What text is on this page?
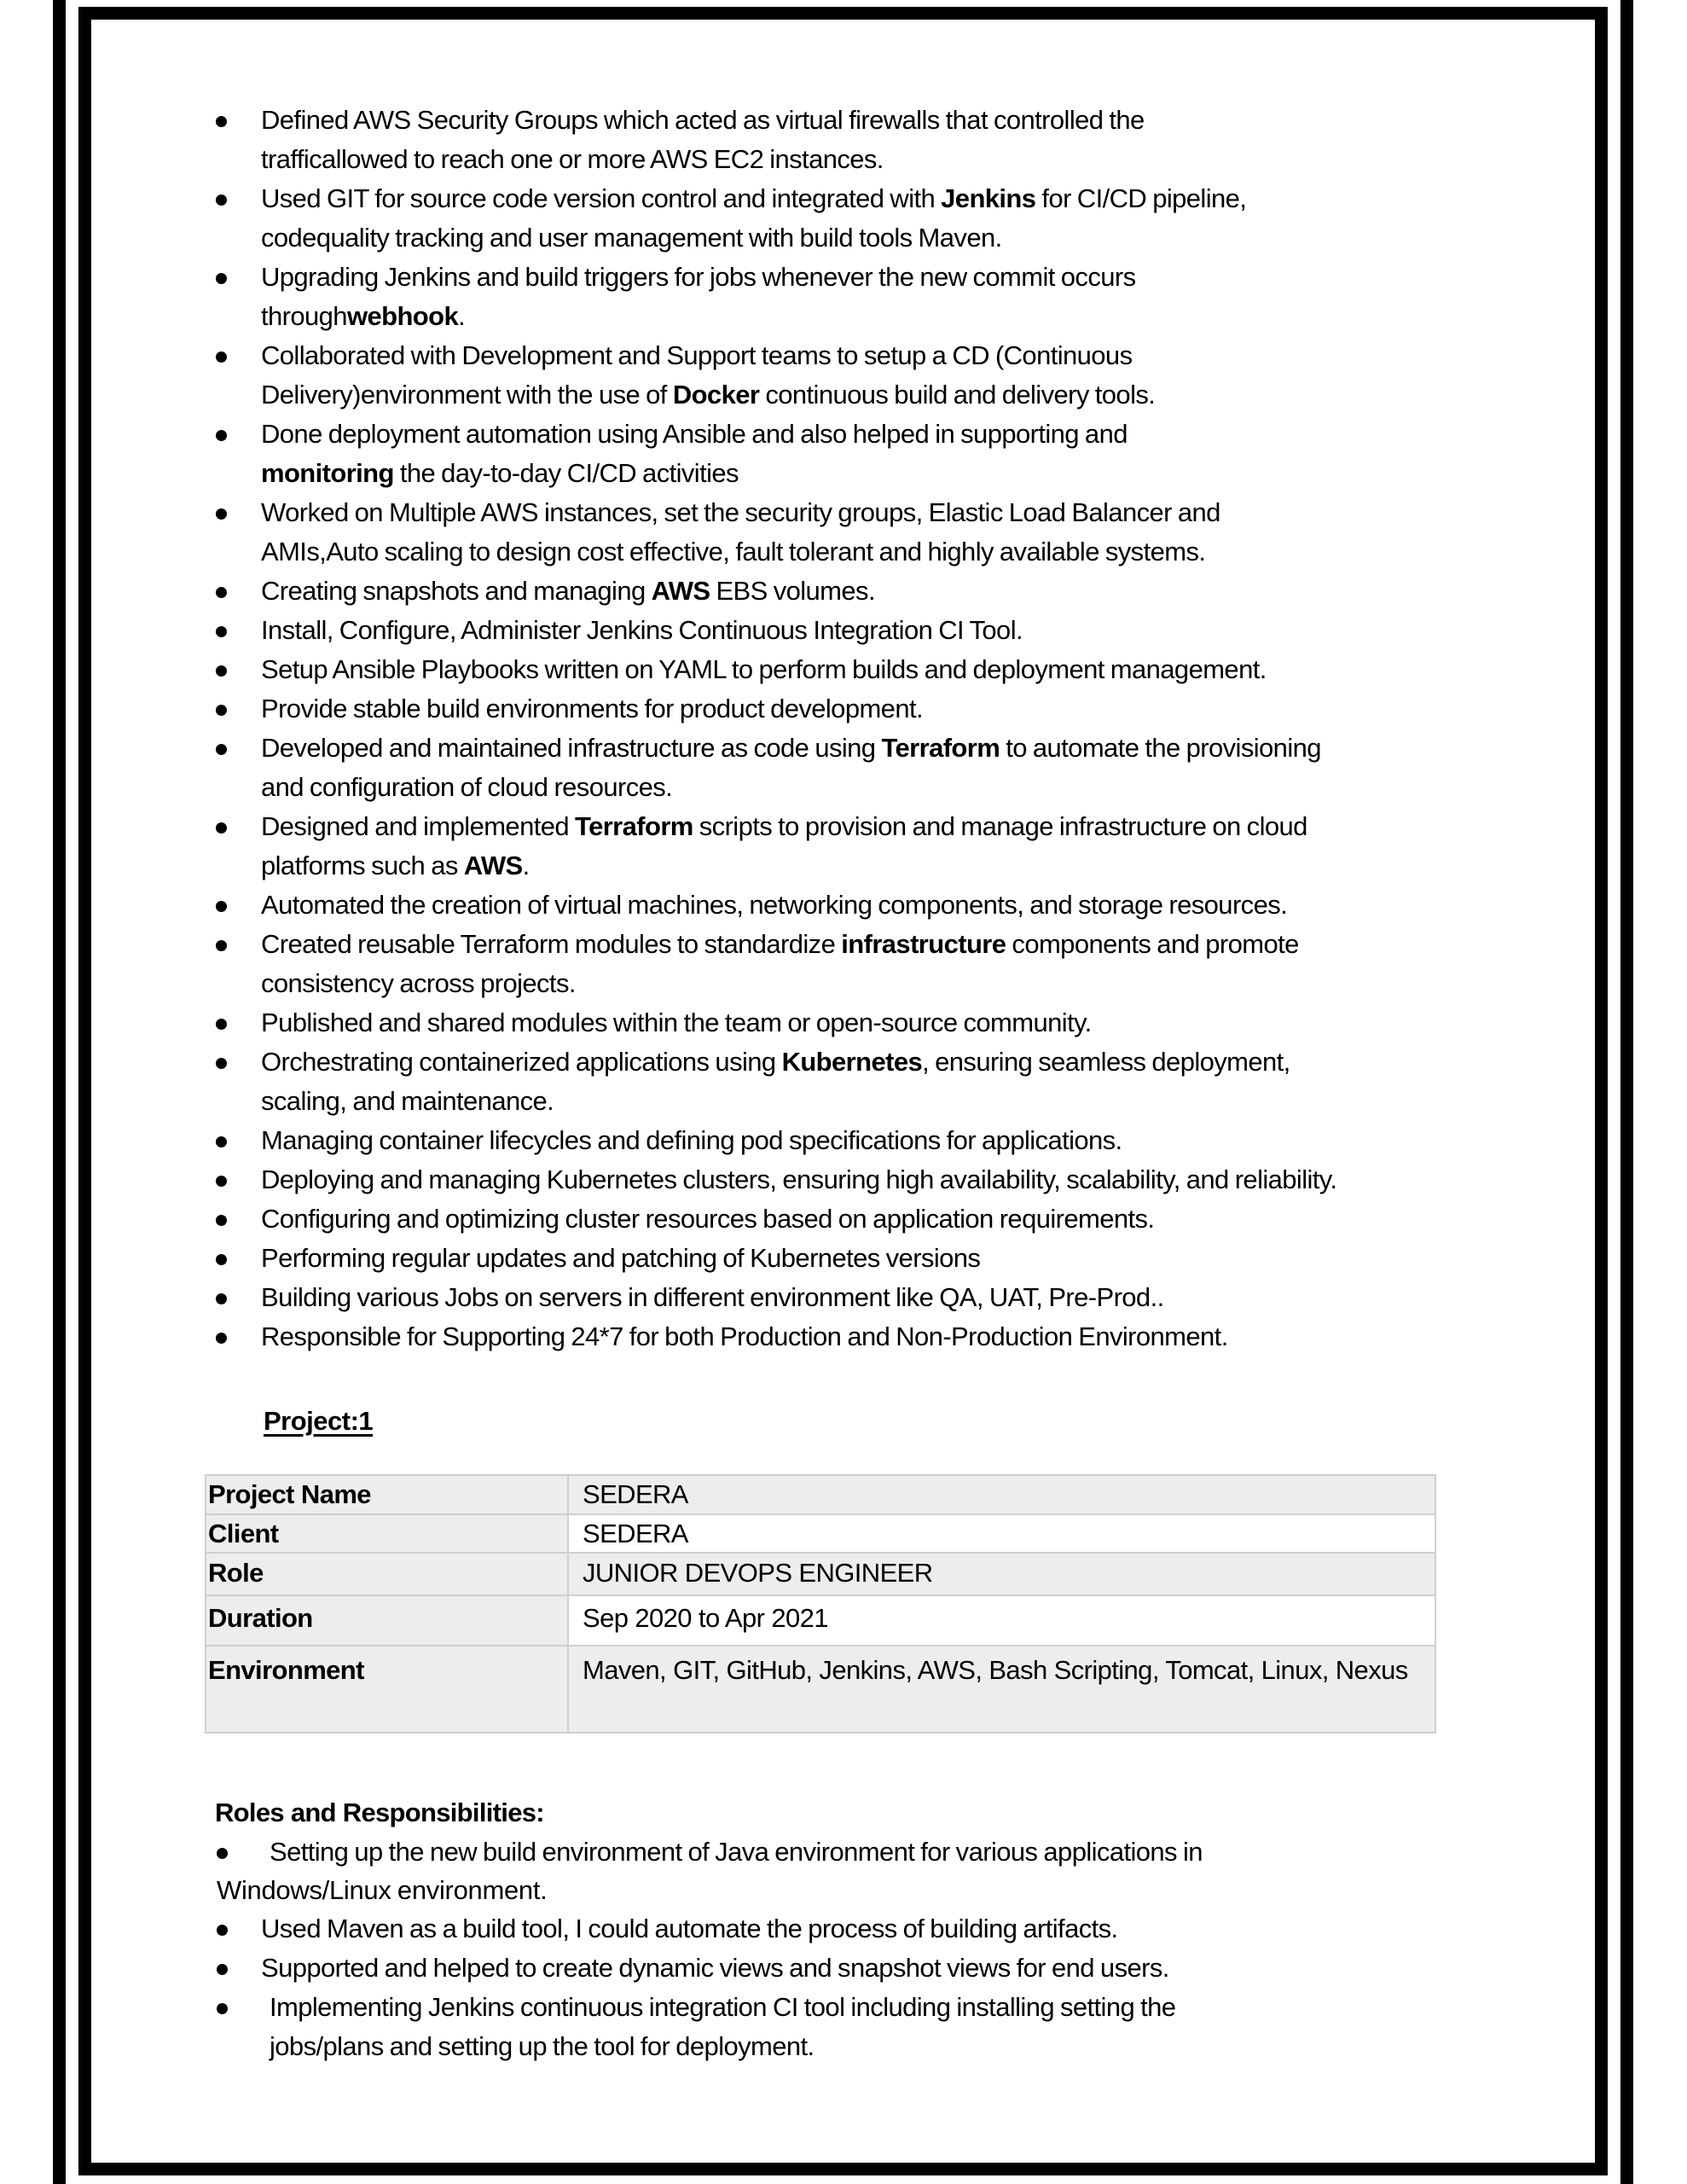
Defined AWS Security Groups which acted as virtual firewalls that controlled the
trafficallowed to reach one or more AWS EC2 instances.
Used GIT for source code version control and integrated with Jenkins for CI/CD pipeline,
codequality tracking and user management with build tools Maven.
Upgrading Jenkins and build triggers for jobs whenever the new commit occurs
throughwebhook.
Collaborated with Development and Support teams to setup a CD (Continuous
Delivery)environment with the use of Docker continuous build and delivery tools.
Done deployment automation using Ansible and also helped in supporting and
monitoring the day-to-day CI/CD activities
Worked on Multiple AWS instances, set the security groups, Elastic Load Balancer and
AMIs,Auto scaling to design cost effective, fault tolerant and highly available systems.
Creating snapshots and managing AWS EBS volumes.
Install, Configure, Administer Jenkins Continuous Integration CI Tool.
Setup Ansible Playbooks written on YAML to perform builds and deployment management.
Provide stable build environments for product development.
Developed and maintained infrastructure as code using Terraform to automate the provisioning
and configuration of cloud resources.
Designed and implemented Terraform scripts to provision and manage infrastructure on cloud
platforms such as AWS.
Automated the creation of virtual machines, networking components, and storage resources.
Created reusable Terraform modules to standardize infrastructure components and promote
consistency across projects.
Published and shared modules within the team or open-source community.
Orchestrating containerized applications using Kubernetes, ensuring seamless deployment,
scaling, and maintenance.
Managing container lifecycles and defining pod specifications for applications.
Deploying and managing Kubernetes clusters, ensuring high availability, scalability, and reliability.
Configuring and optimizing cluster resources based on application requirements.
Performing regular updates and patching of Kubernetes versions
Building various Jobs on servers in different environment like QA, UAT, Pre-Prod..
Responsible for Supporting 24*7 for both Production and Non-Production Environment.
Project:1
Project Name	SEDERA
Client	SEDERA
Role	JUNIOR DEVOPS ENGINEER
Duration	Sep 2020 to Apr 2021
Environment	Maven, GIT, GitHub, Jenkins, AWS, Bash Scripting, Tomcat, Linux, Nexus
Roles and Responsibilities:
Setting up the new build environment of Java environment for various applications in
Windows/Linux environment.
Used Maven as a build tool, I could automate the process of building artifacts.
Supported and helped to create dynamic views and snapshot views for end users.
Implementing Jenkins continuous integration CI tool including installing setting the
jobs/plans and setting up the tool for deployment.
